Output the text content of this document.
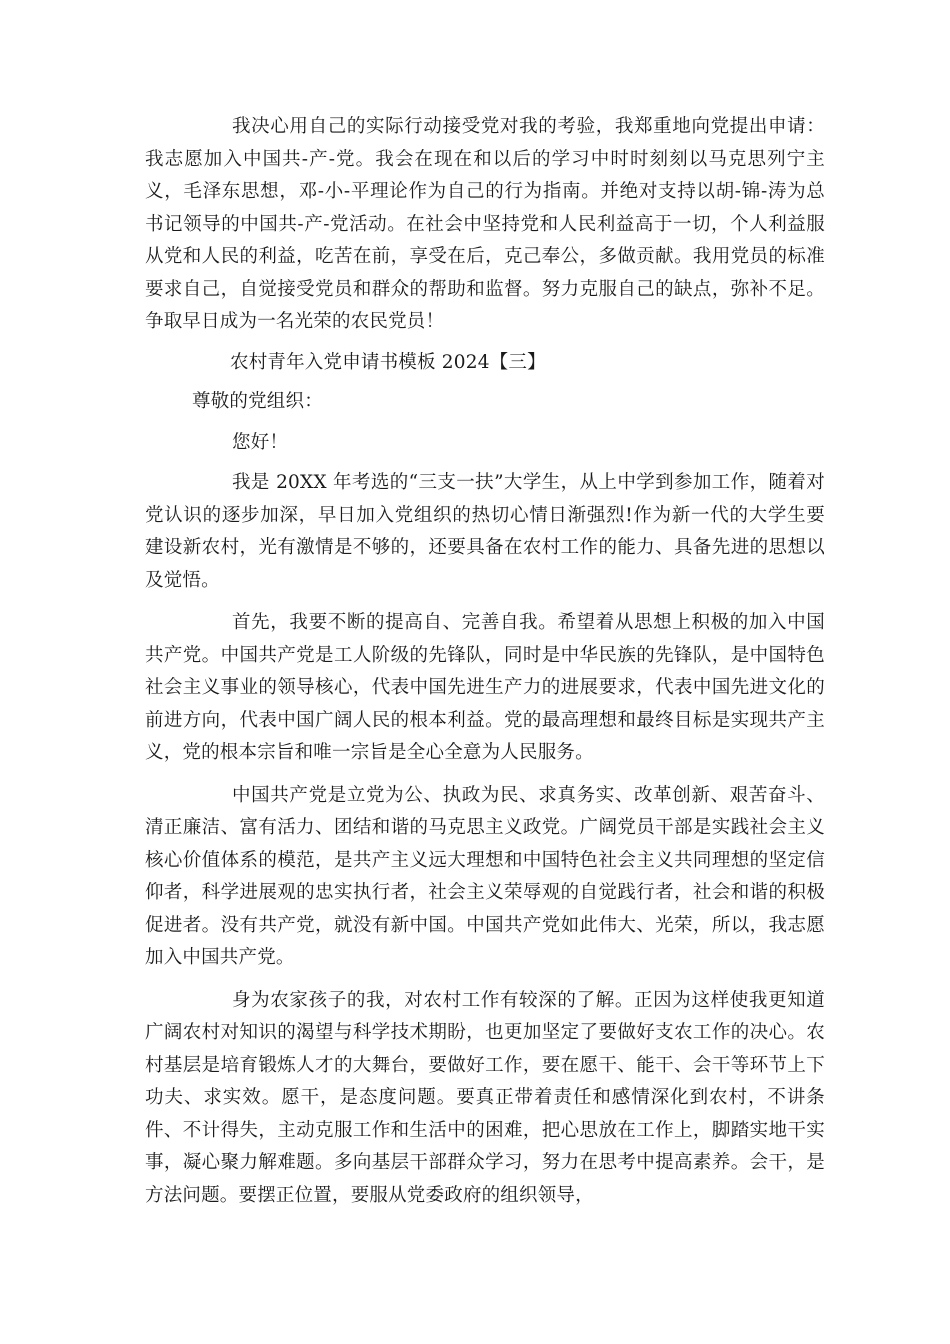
我决心用自己的实际行动接受党对我的考验，我郑重地向党提出申请：我志愿加入中国共-产-党。我会在现在和以后的学习中时时刻刻以马克思列宁主义，毛泽东思想，邓-小-平理论作为自己的行为指南。并绝对支持以胡-锦-涛为总书记领导的中国共-产-党活动。在社会中坚持党和人民利益高于一切，个人利益服从党和人民的利益，吃苦在前，享受在后，克己奉公，多做贡献。我用党员的标准要求自己，自觉接受党员和群众的帮助和监督。努力克服自己的缺点，弥补不足。争取早日成为一名光荣的农民党员！

农村青年入党申请书模板 2024【三】

尊敬的党组织：

您好！

我是 20XX 年考选的“三支一扶”大学生，从上中学到参加工作，随着对党认识的逐步加深，早日加入党组织的热切心情日渐强烈!作为新一代的大学生要建设新农村，光有激情是不够的，还要具备在农村工作的能力、具备先进的思想以及觉悟。

首先，我要不断的提高自、完善自我。希望着从思想上积极的加入中国共产党。中国共产党是工人阶级的先锋队，同时是中华民族的先锋队，是中国特色社会主义事业的领导核心，代表中国先进生产力的进展要求，代表中国先进文化的前进方向，代表中国广阔人民的根本利益。党的最高理想和最终目标是实现共产主义，党的根本宗旨和唯一宗旨是全心全意为人民服务。

中国共产党是立党为公、执政为民、求真务实、改革创新、艰苦奋斗、清正廉洁、富有活力、团结和谐的马克思主义政党。广阔党员干部是实践社会主义核心价值体系的模范，是共产主义远大理想和中国特色社会主义共同理想的坚定信仰者，科学进展观的忠实执行者，社会主义荣辱观的自觉践行者，社会和谐的积极促进者。没有共产党，就没有新中国。中国共产党如此伟大、光荣，所以，我志愿加入中国共产党。

身为农家孩子的我，对农村工作有较深的了解。正因为这样使我更知道广阔农村对知识的渴望与科学技术期盼，也更加坚定了要做好支农工作的决心。农村基层是培育锻炼人才的大舞台，要做好工作，要在愿干、能干、会干等环节上下功夫、求实效。愿干，是态度问题。要真正带着责任和感情深化到农村，不讲条件、不计得失，主动克服工作和生活中的困难，把心思放在工作上，脚踏实地干实事，凝心聚力解难题。多向基层干部群众学习，努力在思考中提高素养。会干，是方法问题。要摆正位置，要服从党委政府的组织领导，
